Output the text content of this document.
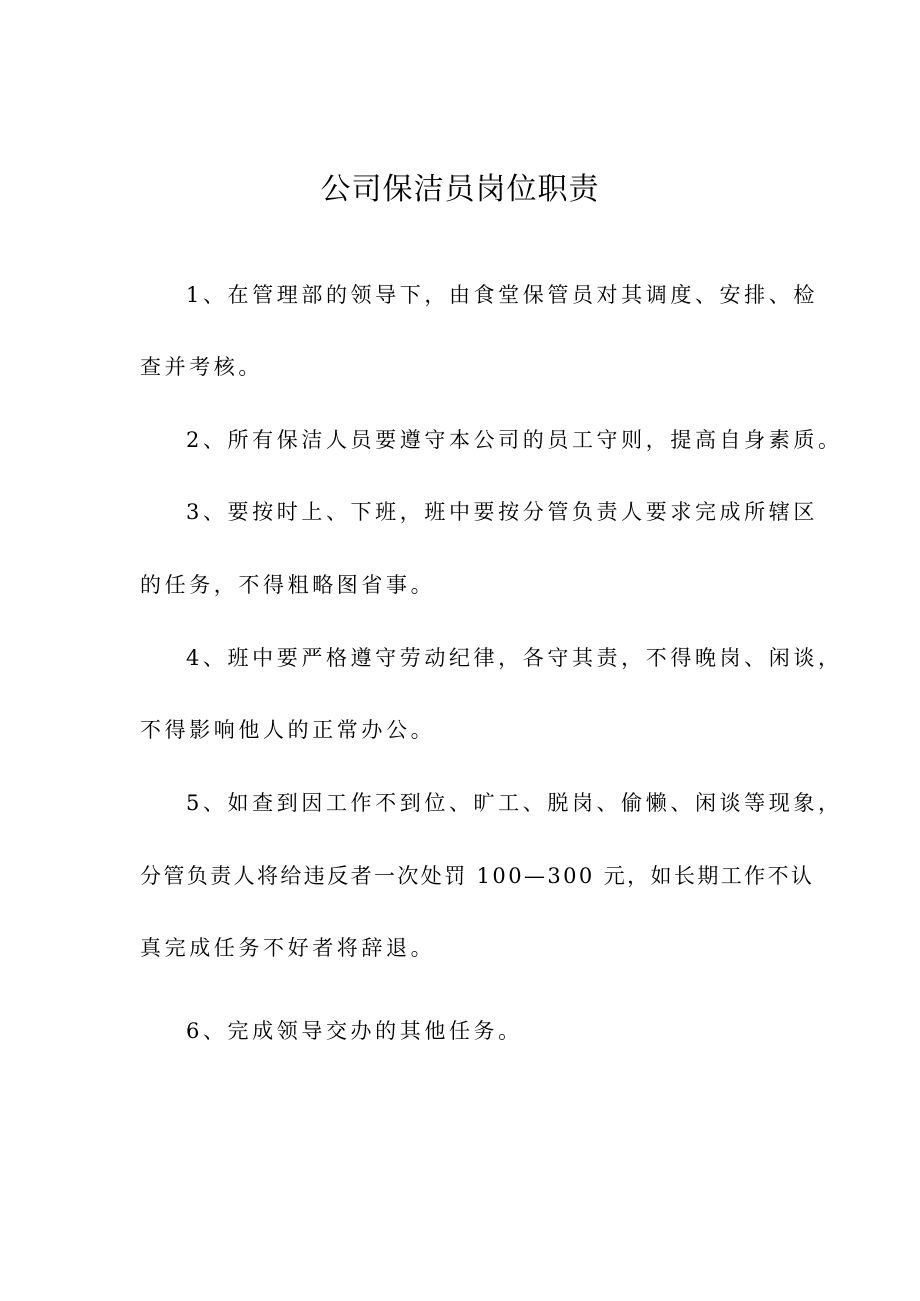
公司保洁员岗位职责
1、在管理部的领导下，由食堂保管员对其调度、安排、检
查并考核。
2、所有保洁人员要遵守本公司的员工守则，提高自身素质。
3、要按时上、下班，班中要按分管负责人要求完成所辖区
的任务，不得粗略图省事。
4、班中要严格遵守劳动纪律，各守其责，不得晚岗、闲谈，
不得影响他人的正常办公。
5、如查到因工作不到位、旷工、脱岗、偷懒、闲谈等现象，
分管负责人将给违反者一次处罚 100—300 元，如长期工作不认
真完成任务不好者将辞退。
6、完成领导交办的其他任务。
